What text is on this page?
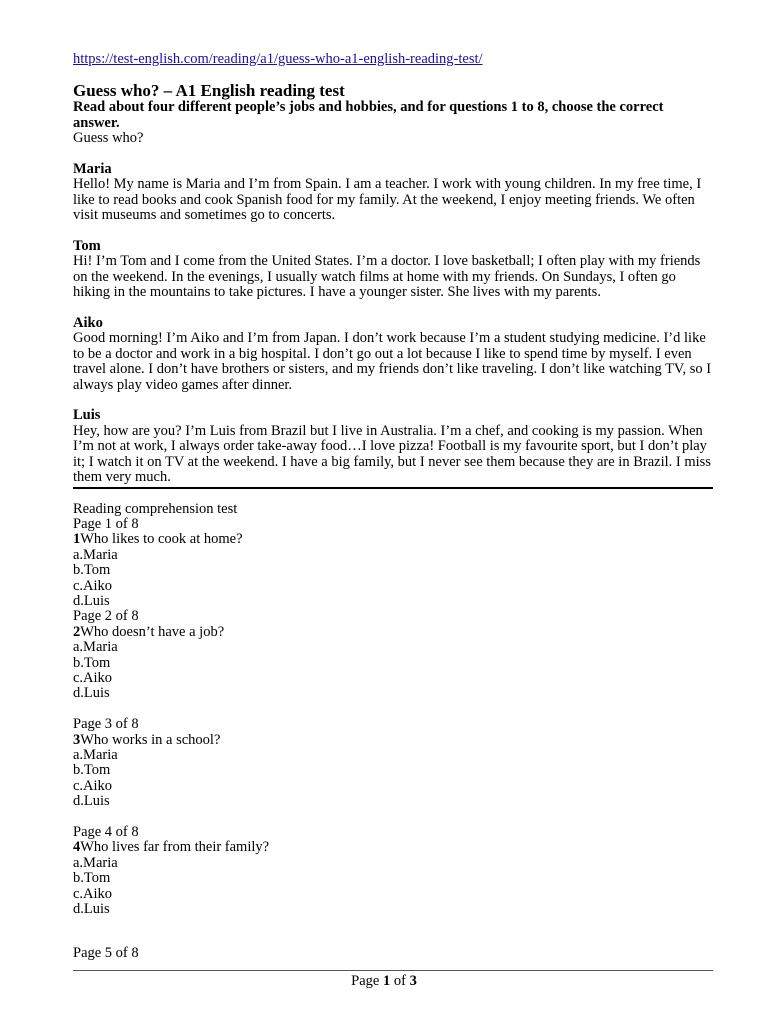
https://test-english.com/reading/a1/guess-who-a1-english-reading-test/
Guess who? – A1 English reading test
Read about four different people’s jobs and hobbies, and for questions 1 to 8, choose the correct answer.
Guess who?
Maria
Hello! My name is Maria and I’m from Spain. I am a teacher. I work with young children. In my free time, I like to read books and cook Spanish food for my family. At the weekend, I enjoy meeting friends. We often visit museums and sometimes go to concerts.
Tom
Hi! I’m Tom and I come from the United States. I’m a doctor. I love basketball; I often play with my friends on the weekend. In the evenings, I usually watch films at home with my friends. On Sundays, I often go hiking in the mountains to take pictures. I have a younger sister. She lives with my parents.
Aiko
Good morning! I’m Aiko and I’m from Japan. I don’t work because I’m a student studying medicine. I’d like to be a doctor and work in a big hospital. I don’t go out a lot because I like to spend time by myself. I even travel alone. I don’t have brothers or sisters, and my friends don’t like traveling. I don’t like watching TV, so I always play video games after dinner.
Luis
Hey, how are you? I’m Luis from Brazil but I live in Australia. I’m a chef, and cooking is my passion. When I’m not at work, I always order take-away food…I love pizza! Football is my favourite sport, but I don’t play it; I watch it on TV at the weekend. I have a big family, but I never see them because they are in Brazil. I miss them very much.
Reading comprehension test
Page 1 of 8
1Who likes to cook at home?
a.Maria
b.Tom
c.Aiko
d.Luis
Page 2 of 8
2Who doesn’t have a job?
a.Maria
b.Tom
c.Aiko
d.Luis
Page 3 of 8
3Who works in a school?
a.Maria
b.Tom
c.Aiko
d.Luis
Page 4 of 8
4Who lives far from their family?
a.Maria
b.Tom
c.Aiko
d.Luis
Page 5 of 8
Page 1 of 3
